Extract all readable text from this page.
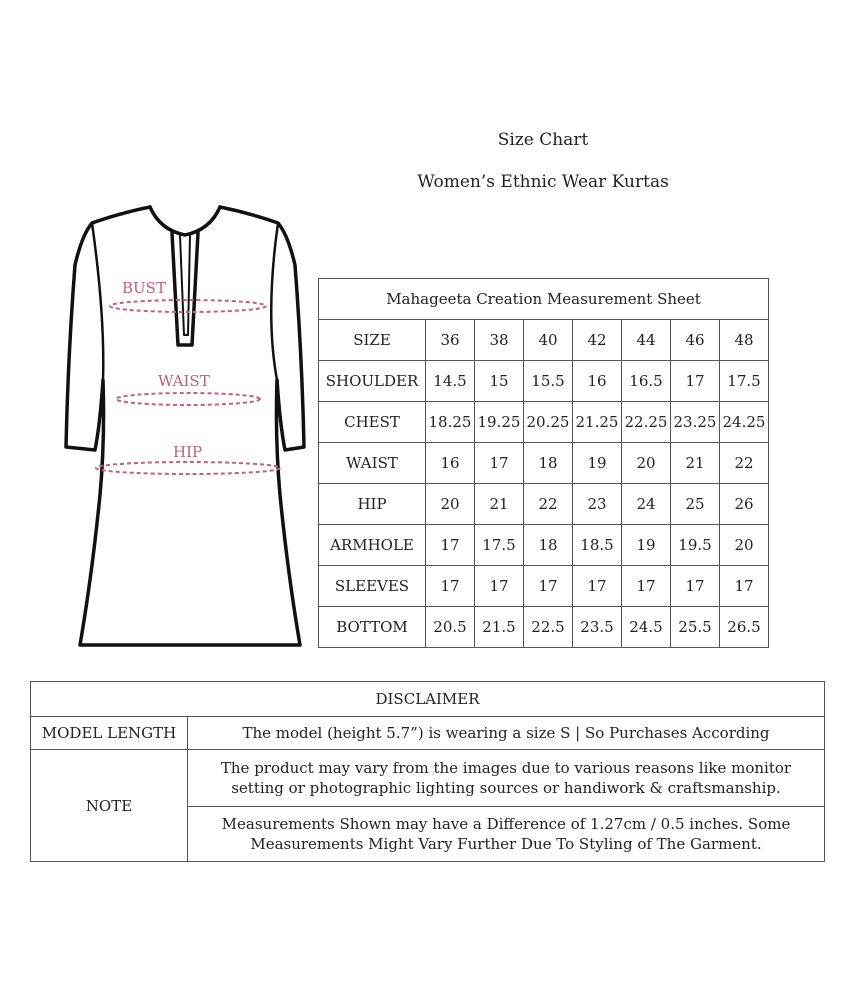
Size Chart
Women’s Ethnic Wear Kurtas
BUST
WAIST
HIP
Mahageeta Creation Measurement Sheet							
SIZE	36	38	40	42	44	46	48
SHOULDER	14.5	15	15.5	16	16.5	17	17.5
CHEST	18.25	19.25	20.25	21.25	22.25	23.25	24.25
WAIST	16	17	18	19	20	21	22
HIP	20	21	22	23	24	25	26
ARMHOLE	17	17.5	18	18.5	19	19.5	20
SLEEVES	17	17	17	17	17	17	17
BOTTOM	20.5	21.5	22.5	23.5	24.5	25.5	26.5
DISCLAIMER	
MODEL LENGTH	The model (height 5.7”) is wearing a size S | So Purchases According
NOTE	The product may vary from the images due to various reasons like monitor
setting or photographic lighting sources or handiwork & craftsmanship.

	Measurements Shown may have a Difference of 1.27cm / 0.5 inches. Some
Measurements Might Vary Further Due To Styling of The Garment.
